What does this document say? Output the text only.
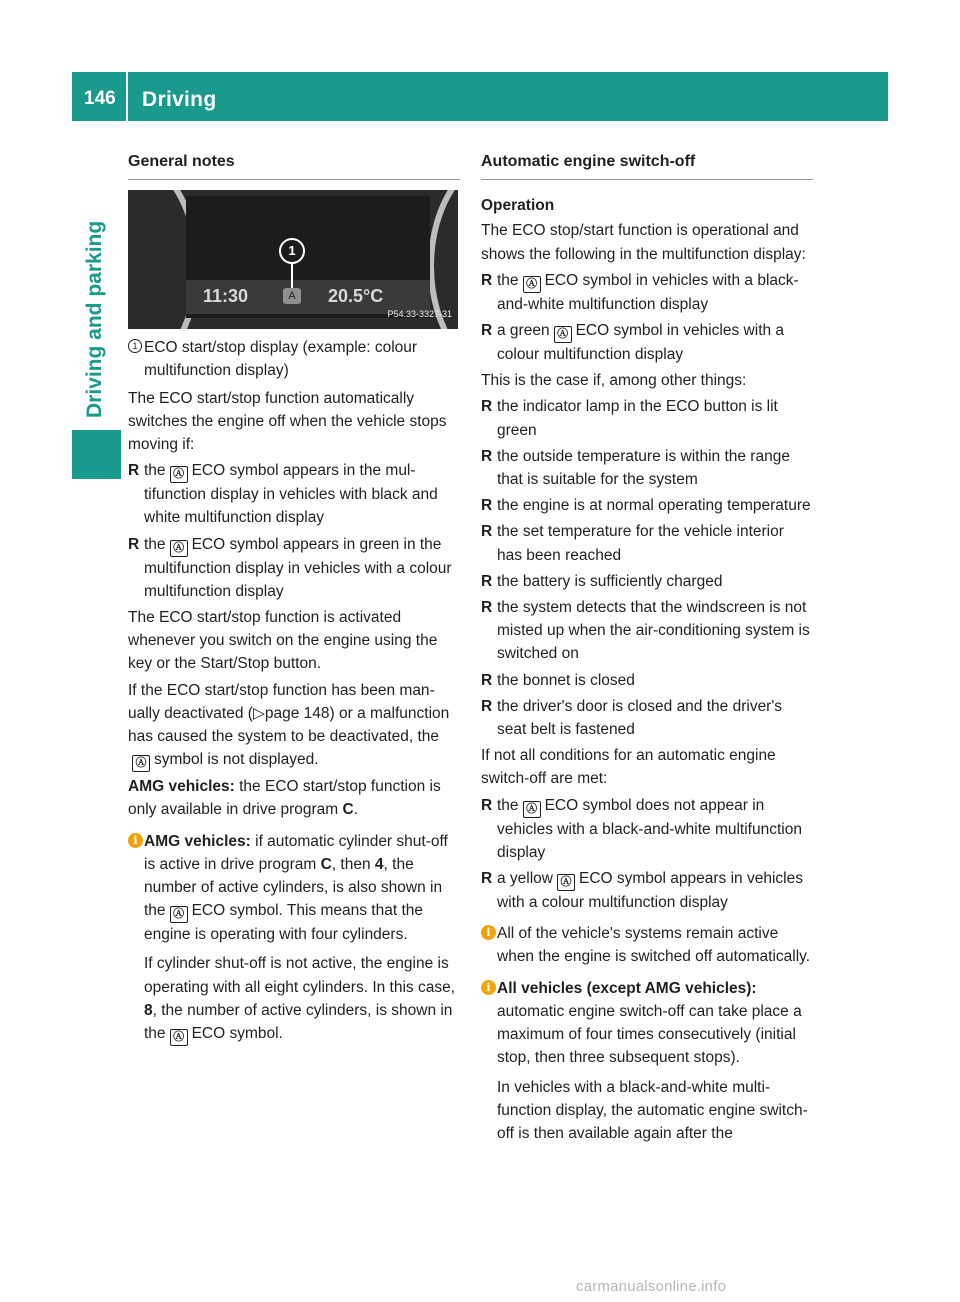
146 Driving
Driving and parking
General notes
11:30	A 20.5°C
1
P54.33-3327-31
1 ECO start/stop display (example: colour multifunction display)

The ECO start/stop function automatically switches the engine off when the vehicle stops moving if:

R the Ⓐ ECO symbol appears in the multifunction display in vehicles with black and white multifunction display
R the Ⓐ ECO symbol appears in green in the multifunction display in vehicles with a colour multifunction display

The ECO start/stop function is activated whenever you switch on the engine using the key or the Start/Stop button.

If the ECO start/stop function has been manually deactivated (▷page 148) or a malfunction has caused the system to be deactivated, theⒶ symbol is not displayed.

AMG vehicles: the ECO start/stop function is only available in drive program C.

i AMG vehicles: if automatic cylinder shut-off is active in drive program C, then 4, the number of active cylinders, is also shown in the Ⓐ ECO symbol. This means that the engine is operating with four cylinders.

If cylinder shut-off is not active, the engine is operating with all eight cylinders. In this case, 8, the number of active cylinders, is shown in the Ⓐ ECO symbol.

Automatic engine switch-off

Operation

The ECO stop/start function is operational and shows the following in the multifunction display:

R the Ⓐ ECO symbol in vehicles with a black-and-white multifunction display
R a green Ⓐ ECO symbol in vehicles with a colour multifunction display

This is the case if, among other things:

R the indicator lamp in the ECO button is lit green
R the outside temperature is within the range that is suitable for the system
R the engine is at normal operating temperature
R the set temperature for the vehicle interior has been reached
R the battery is sufficiently charged
R the system detects that the windscreen is not misted up when the air-conditioning system is switched on
R the bonnet is closed
R the driver's door is closed and the driver's seat belt is fastened

If not all conditions for an automatic engine switch-off are met:

R the Ⓐ ECO symbol does not appear in vehicles with a black-and-white multifunction display
R a yellow Ⓐ ECO symbol appears in vehicles with a colour multifunction display
i All of the vehicle's systems remain active when the engine is switched off automatically.

i All vehicles (except AMG vehicles):
automatic engine switch-off can take place a maximum of four times consecutively (initial stop, then three subsequent stops).

In vehicles with a black-and-white multifunction display, the automatic engine switch-off is then available again after the

carmanualsonline.info
